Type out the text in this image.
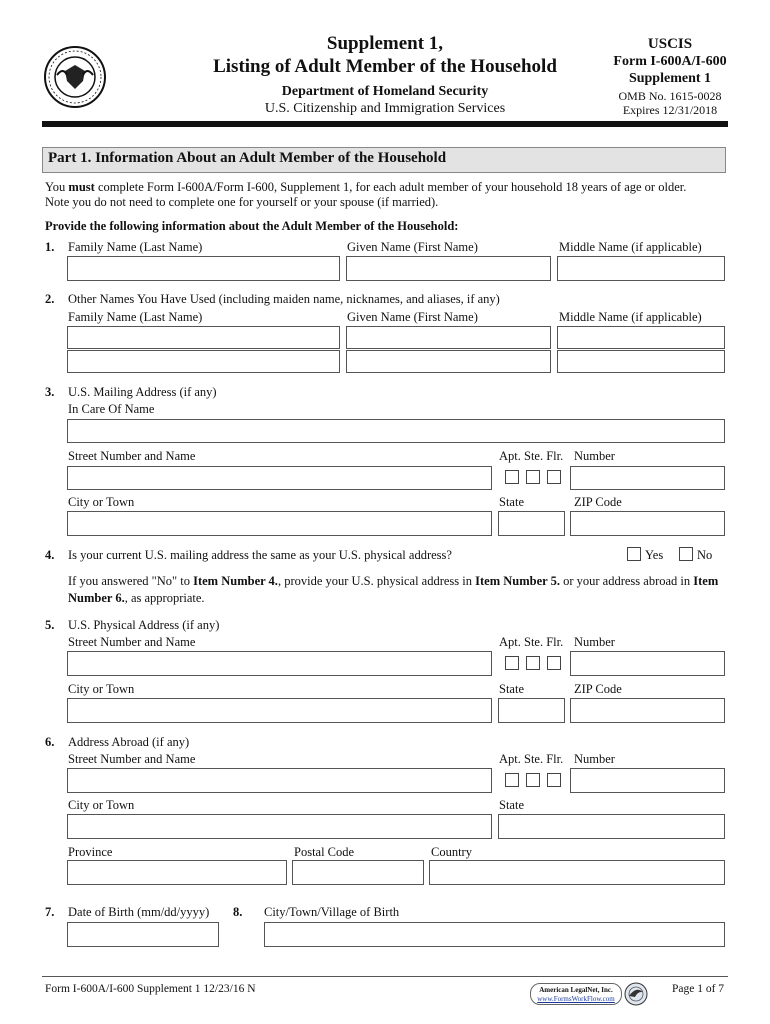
Supplement 1,
Listing of Adult Member of the Household
Department of Homeland Security
U.S. Citizenship and Immigration Services
USCIS
Form I-600A/I-600
Supplement 1
OMB No. 1615-0028
Expires 12/31/2018
Part 1. Information About an Adult Member of the Household
You must complete Form I-600A/Form I-600, Supplement 1, for each adult member of your household 18 years of age or older.
Note you do not need to complete one for yourself or your spouse (if married).
Provide the following information about the Adult Member of the Household:
1. Family Name (Last Name)	Given Name (First Name)	Middle Name (if applicable)
2. Other Names You Have Used (including maiden name, nicknames, and aliases, if any)
Family Name (Last Name)	Given Name (First Name)	Middle Name (if applicable)
3. U.S. Mailing Address (if any)
In Care Of Name
Street Number and Name	Apt. Ste. Flr. Number
City or Town	State	ZIP Code
4. Is your current U.S. mailing address the same as your U.S. physical address?	Yes	No
If you answered "No" to Item Number 4., provide your U.S. physical address in Item Number 5. or your address abroad in Item
Number 6., as appropriate.
5. U.S. Physical Address (if any)
Street Number and Name	Apt. Ste. Flr. Number
City or Town	State	ZIP Code
6. Address Abroad (if any)
Street Number and Name	Apt. Ste. Flr. Number
City or Town	State
Province	Postal Code	Country
7. Date of Birth (mm/dd/yyyy) 8. City/Town/Village of Birth
Form I-600A/I-600 Supplement 1 12/23/16 N	American LegalNet, Inc.
www.FormsWorkFlow.com
Page 1 of 7
